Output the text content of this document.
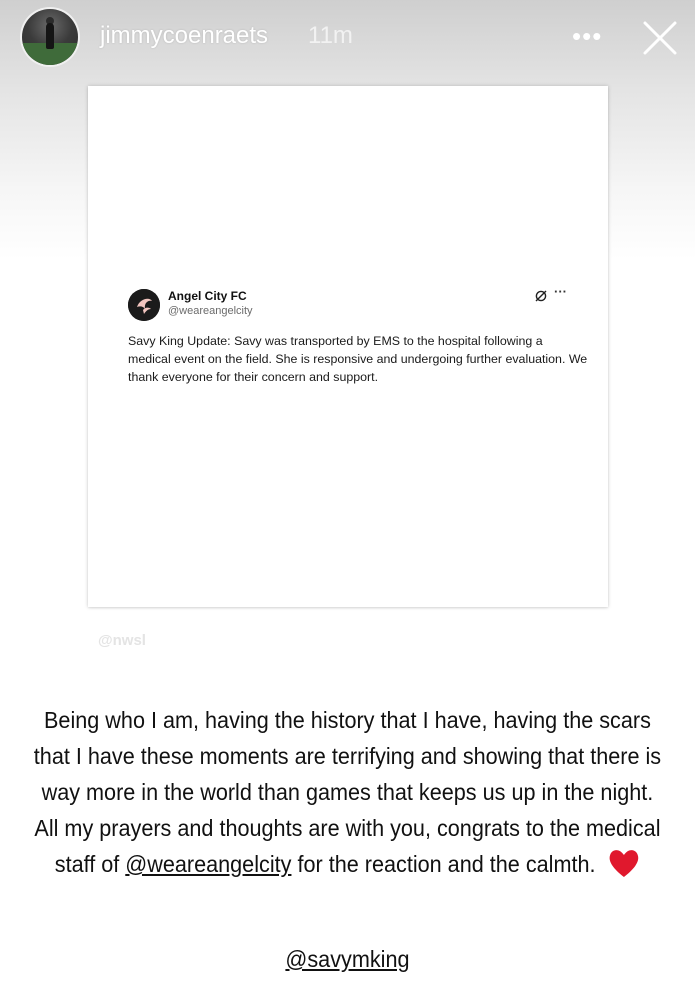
jimmycoenraets 11m	•••
Angel City FC
@weareangelcity
···
Savy King Update: Savy was transported by EMS to the hospital following a medical event on the field. She is responsive and undergoing further evaluation. We thank everyone for their concern and support.
@nwsl
Being who I am, having the history that I have, having the scars
that I have these moments are terrifying and showing that there is
way more in the world than games that keeps us up in the night.
All my prayers and thoughts are with you, congrats to the medical
staff of @weareangelcity for the reaction and the calmth.
@savymking
